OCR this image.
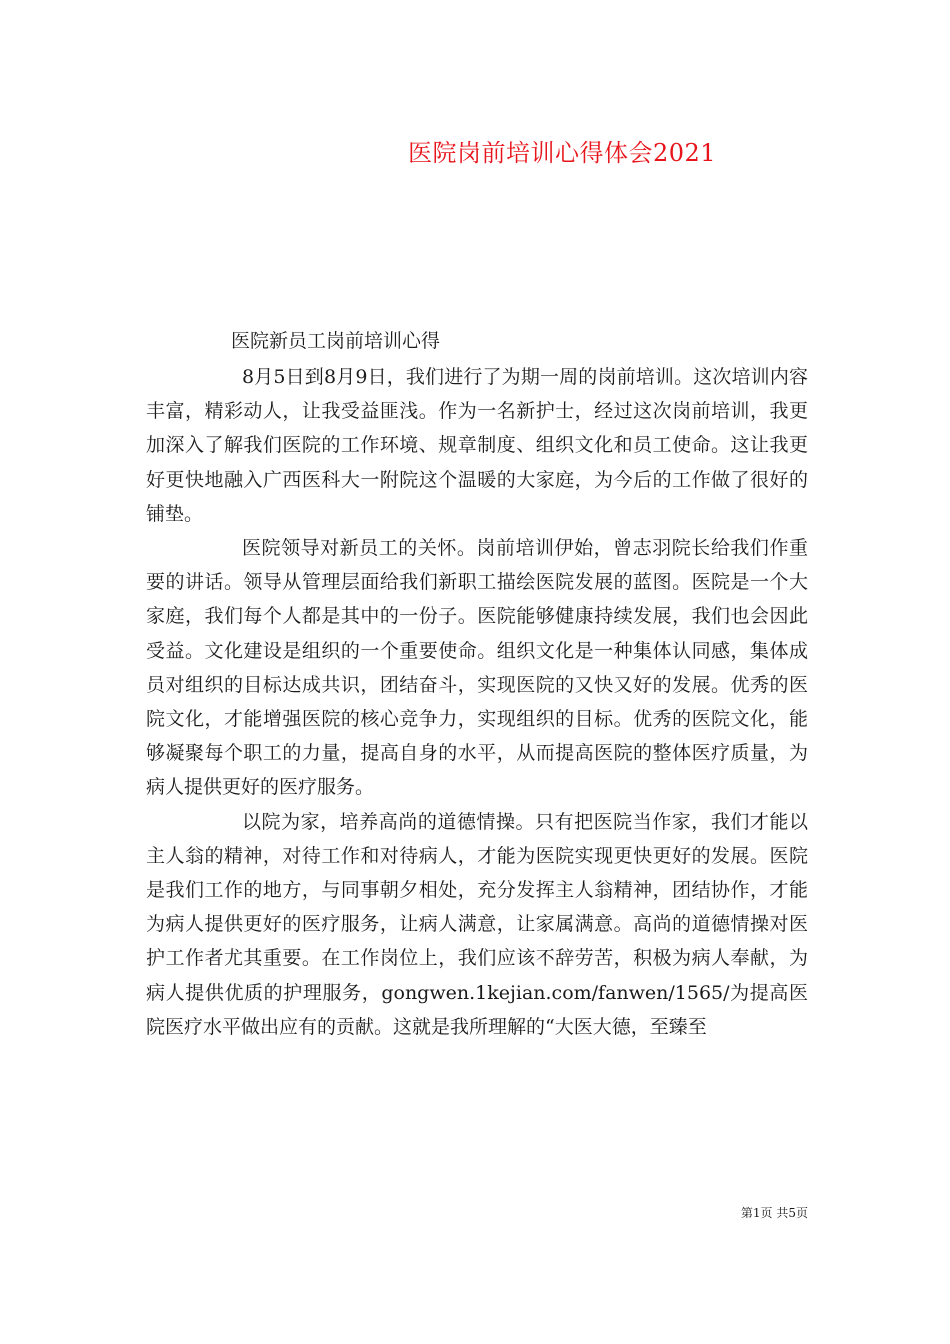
医院岗前培训心得体会2021
医院新员工岗前培训心得

8月5日到8月9日，我们进行了为期一周的岗前培训。这次培训内容丰富，精彩动人，让我受益匪浅。作为一名新护士，经过这次岗前培训，我更加深入了解我们医院的工作环境、规章制度、组织文化和员工使命。这让我更好更快地融入广西医科大一附院这个温暖的大家庭，为今后的工作做了很好的铺垫。

医院领导对新员工的关怀。岗前培训伊始，曾志羽院长给我们作重要的讲话。领导从管理层面给我们新职工描绘医院发展的蓝图。医院是一个大家庭，我们每个人都是其中的一份子。医院能够健康持续发展，我们也会因此受益。文化建设是组织的一个重要使命。组织文化是一种集体认同感，集体成员对组织的目标达成共识，团结奋斗，实现医院的又快又好的发展。优秀的医院文化，才能增强医院的核心竞争力，实现组织的目标。优秀的医院文化，能够凝聚每个职工的力量，提高自身的水平，从而提高医院的整体医疗质量，为病人提供更好的医疗服务。

以院为家，培养高尚的道德情操。只有把医院当作家，我们才能以主人翁的精神，对待工作和对待病人，才能为医院实现更快更好的发展。医院是我们工作的地方，与同事朝夕相处，充分发挥主人翁精神，团结协作，才能为病人提供更好的医疗服务，让病人满意，让家属满意。高尚的道德情操对医护工作者尤其重要。在工作岗位上，我们应该不辞劳苦，积极为病人奉献，为病人提供优质的护理服务，gongwen.1kejian.com/fanwen/1565/为提高医院医疗水平做出应有的贡献。这就是我所理解的“大医大德，至臻至

第1页 共5页
